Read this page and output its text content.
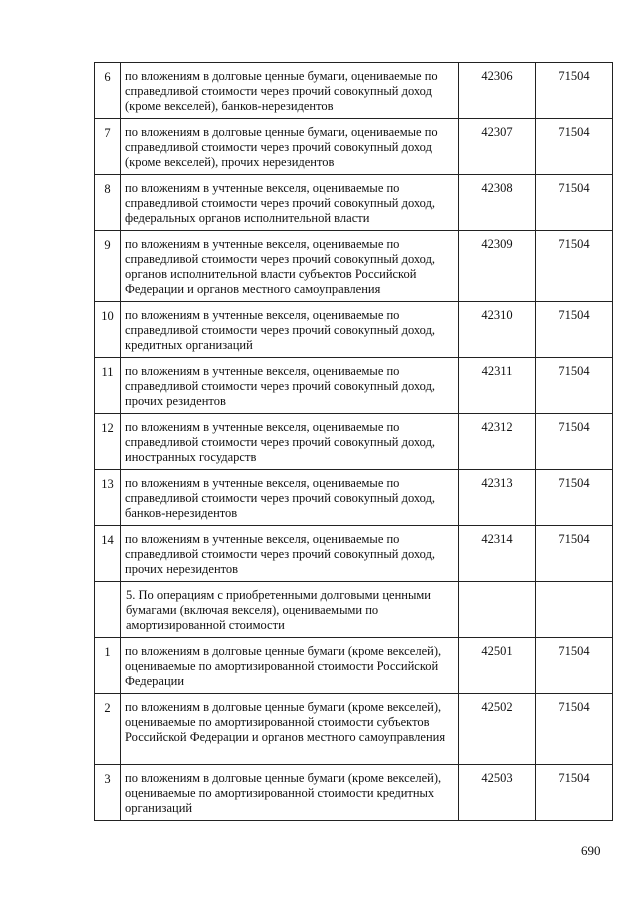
6	по вложениям в долговые ценные бумаги, оцениваемые по справедливой стоимости через прочий совокупный доход (кроме векселей), банков-нерезидентов	42306	71504
7	по вложениям в долговые ценные бумаги, оцениваемые по справедливой стоимости через прочий совокупный доход (кроме векселей), прочих нерезидентов	42307	71504
8	по вложениям в учтенные векселя, оцениваемые по справедливой стоимости через прочий совокупный доход, федеральных органов исполнительной власти	42308	71504
9	по вложениям в учтенные векселя, оцениваемые по справедливой стоимости через прочий совокупный доход, органов исполнительной власти субъектов Российской Федерации и органов местного самоуправления	42309	71504
10	по вложениям в учтенные векселя, оцениваемые по справедливой стоимости через прочий совокупный доход, кредитных организаций	42310	71504
11	по вложениям в учтенные векселя, оцениваемые по справедливой стоимости через прочий совокупный доход, прочих резидентов	42311	71504
12	по вложениям в учтенные векселя, оцениваемые по справедливой стоимости через прочий совокупный доход, иностранных государств	42312	71504
13	по вложениям в учтенные векселя, оцениваемые по справедливой стоимости через прочий совокупный доход, банков-нерезидентов	42313	71504
14	по вложениям в учтенные векселя, оцениваемые по справедливой стоимости через прочий совокупный доход, прочих нерезидентов	42314	71504
	5. По операциям с приобретенными долговыми ценными бумагами (включая векселя), оцениваемыми по амортизированной стоимости		
1	по вложениям в долговые ценные бумаги (кроме векселей), оцениваемые по амортизированной стоимости Российской Федерации	42501	71504
2	по вложениям в долговые ценные бумаги (кроме векселей), оцениваемые по амортизированной стоимости субъектов Российской Федерации и органов местного самоуправления	42502	71504
3	по вложениям в долговые ценные бумаги (кроме векселей), оцениваемые по амортизированной стоимости кредитных организаций	42503	71504
690
